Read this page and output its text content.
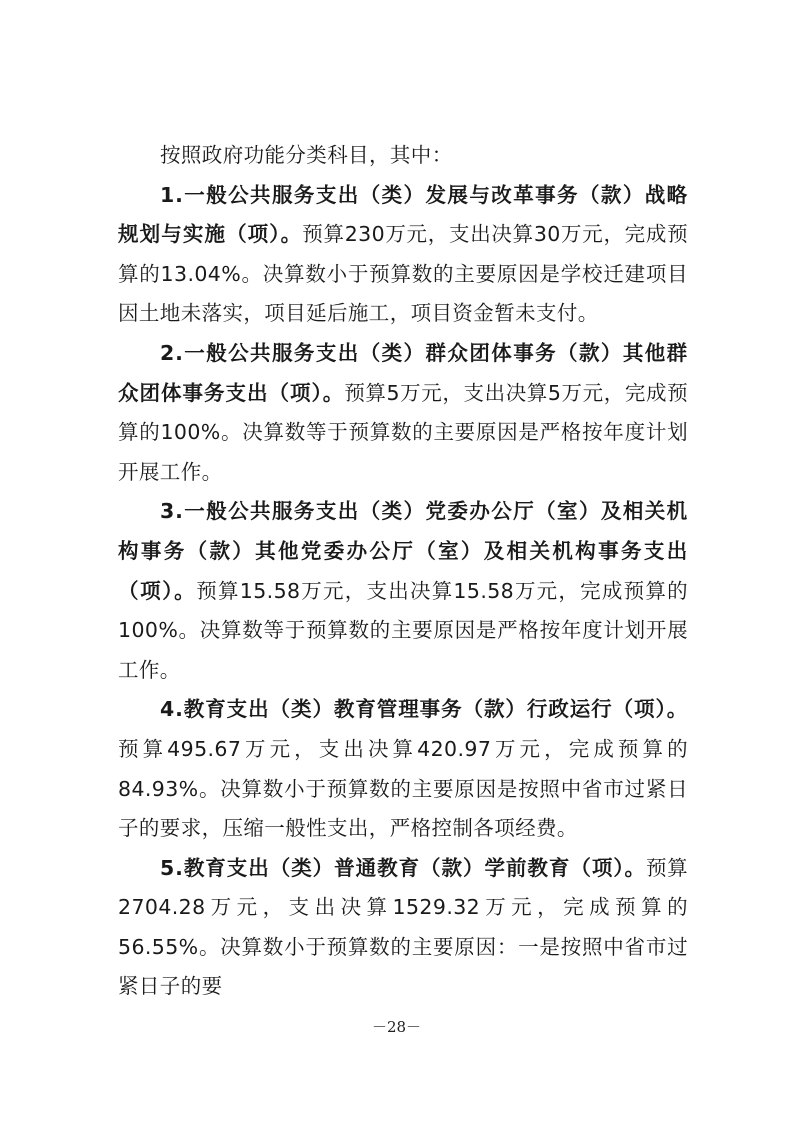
按照政府功能分类科目，其中：

1.一般公共服务支出（类）发展与改革事务（款）战略规划与实施（项）。预算230万元，支出决算30万元，完成预算的13.04%。决算数小于预算数的主要原因是学校迁建项目因土地未落实，项目延后施工，项目资金暂未支付。

2.一般公共服务支出（类）群众团体事务（款）其他群众团体事务支出（项）。预算5万元，支出决算5万元，完成预算的100%。决算数等于预算数的主要原因是严格按年度计划开展工作。

3.一般公共服务支出（类）党委办公厅（室）及相关机构事务（款）其他党委办公厅（室）及相关机构事务支出（项）。预算15.58万元，支出决算15.58万元，完成预算的100%。决算数等于预算数的主要原因是严格按年度计划开展工作。

4.教育支出（类）教育管理事务（款）行政运行（项）。预算495.67万元，支出决算420.97万元，完成预算的84.93%。决算数小于预算数的主要原因是按照中省市过紧日子的要求，压缩一般性支出，严格控制各项经费。

5.教育支出（类）普通教育（款）学前教育（项）。预算2704.28万元，支出决算1529.32万元，完成预算的56.55%。决算数小于预算数的主要原因：一是按照中省市过紧日子的要

－28－
